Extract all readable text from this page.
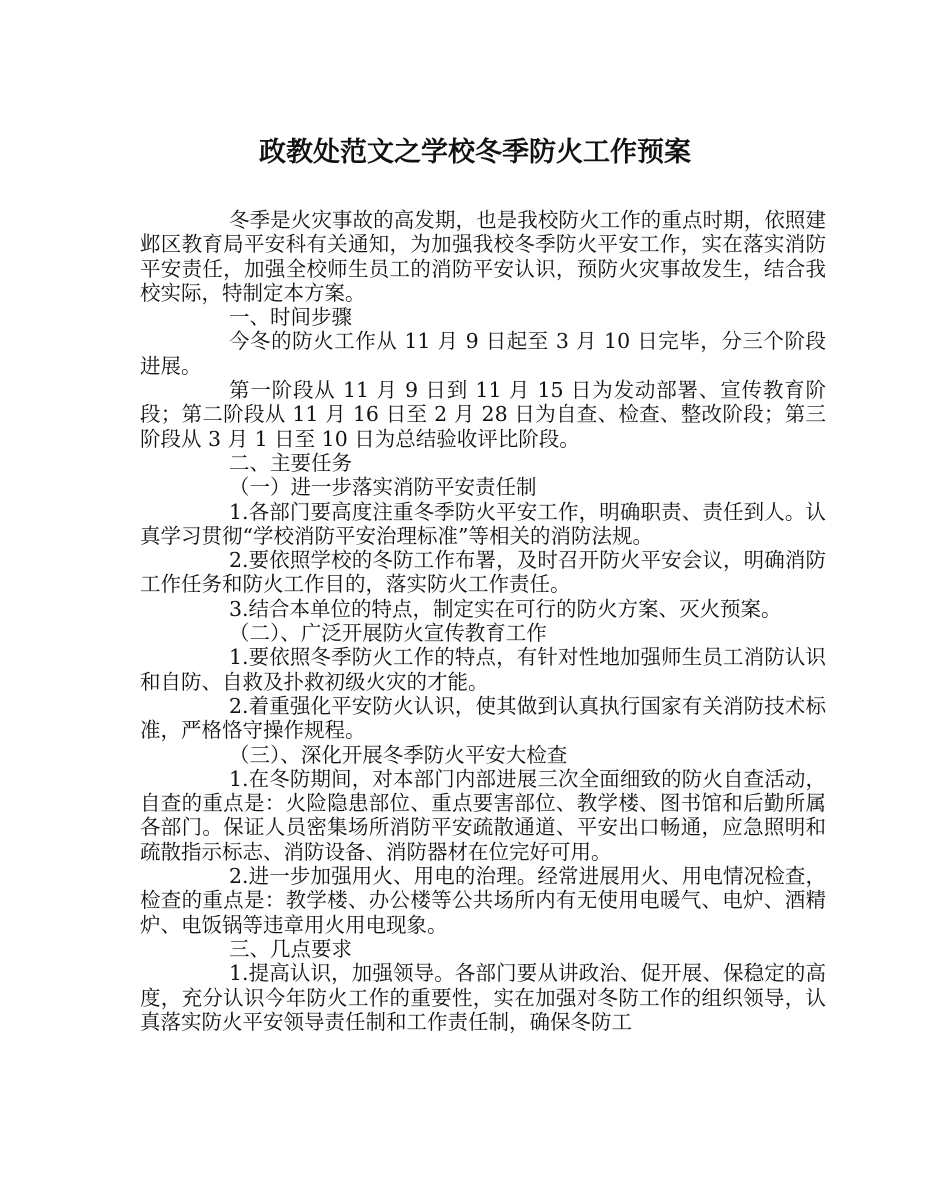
政教处范文之学校冬季防火工作预案

冬季是火灾事故的高发期，也是我校防火工作的重点时期，依照建邺区教育局平安科有关通知，为加强我校冬季防火平安工作，实在落实消防平安责任，加强全校师生员工的消防平安认识，预防火灾事故发生，结合我校实际，特制定本方案。

一、时间步骤

今冬的防火工作从 11 月 9 日起至 3 月 10 日完毕，分三个阶段进展。

第一阶段从 11 月 9 日到 11 月 15 日为发动部署、宣传教育阶段；第二阶段从 11 月 16 日至 2 月 28 日为自查、检查、整改阶段；第三阶段从 3 月 1 日至 10 日为总结验收评比阶段。

二、主要任务

（一）进一步落实消防平安责任制

1.各部门要高度注重冬季防火平安工作，明确职责、责任到人。认真学习贯彻“学校消防平安治理标准”等相关的消防法规。

2.要依照学校的冬防工作布署，及时召开防火平安会议，明确消防工作任务和防火工作目的，落实防火工作责任。

3.结合本单位的特点，制定实在可行的防火方案、灭火预案。

（二）、广泛开展防火宣传教育工作

1.要依照冬季防火工作的特点，有针对性地加强师生员工消防认识和自防、自救及扑救初级火灾的才能。

2.着重强化平安防火认识，使其做到认真执行国家有关消防技术标准，严格恪守操作规程。

（三）、深化开展冬季防火平安大检查

1.在冬防期间，对本部门内部进展三次全面细致的防火自查活动，自查的重点是：火险隐患部位、重点要害部位、教学楼、图书馆和后勤所属各部门。保证人员密集场所消防平安疏散通道、平安出口畅通，应急照明和疏散指示标志、消防设备、消防器材在位完好可用。

2.进一步加强用火、用电的治理。经常进展用火、用电情况检查，检查的重点是：教学楼、办公楼等公共场所内有无使用电暖气、电炉、酒精炉、电饭锅等违章用火用电现象。

三、几点要求

1.提高认识，加强领导。各部门要从讲政治、促开展、保稳定的高度，充分认识今年防火工作的重要性，实在加强对冬防工作的组织领导，认真落实防火平安领导责任制和工作责任制，确保冬防工
